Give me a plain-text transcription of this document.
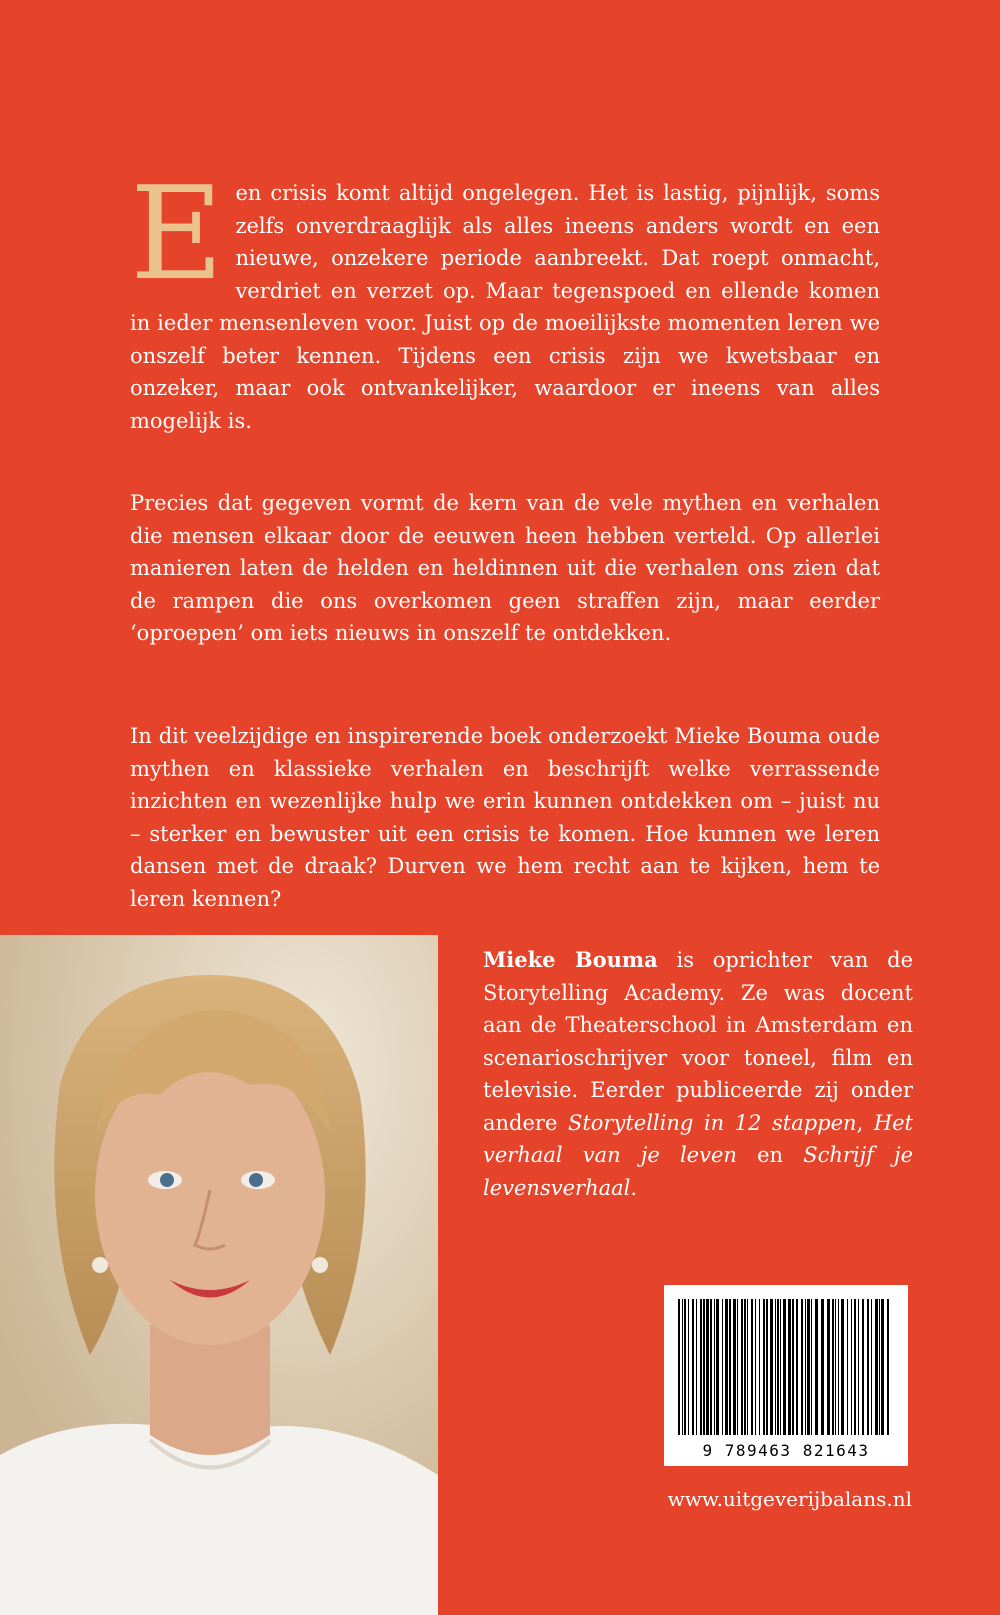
Een crisis komt altijd ongelegen. Het is lastig, pijnlijk, soms zelfs onverdraaglijk als alles ineens anders wordt en een nieuwe, onzekere periode aanbreekt. Dat roept onmacht, verdriet en verzet op. Maar tegenspoed en ellende komen in ieder mensenleven voor. Juist op de moeilijkste momenten leren we onszelf beter kennen. Tijdens een crisis zijn we kwetsbaar en onzeker, maar ook ontvankelijker, waardoor er ineens van alles mogelijk is.

Precies dat gegeven vormt de kern van de vele mythen en verhalen die mensen elkaar door de eeuwen heen hebben verteld. Op allerlei manieren laten de helden en heldinnen uit die verhalen ons zien dat de rampen die ons overkomen geen straffen zijn, maar eerder ‘oproepen’ om iets nieuws in onszelf te ontdekken.

In dit veelzijdige en inspirerende boek onderzoekt Mieke Bouma oude mythen en klassieke verhalen en beschrijft welke verrassende inzichten en wezenlijke hulp we erin kunnen ontdekken om – juist nu – sterker en bewuster uit een crisis te komen. Hoe kunnen we leren dansen met de draak? Durven we hem recht aan te kijken, hem te leren kennen?

Mieke Bouma is oprichter van de Storytelling Academy. Ze was docent aan de Theaterschool in Amsterdam en scenarioschrijver voor toneel, film en televisie. Eerder publiceerde zij onder andere Storytelling in 12 stappen, Het verhaal van je leven en Schrijf je levensverhaal.

9 789463 821643
www.uitgeverijbalans.nl
